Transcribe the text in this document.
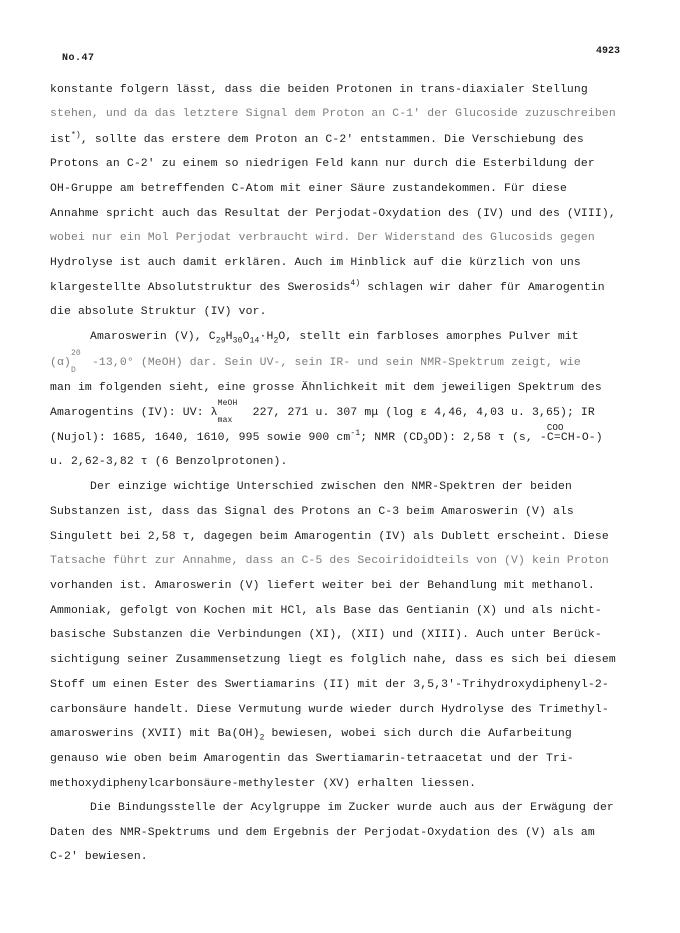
No.47
4923
konstante folgern lässt, dass die beiden Protonen in trans-diaxialer Stellung
stehen, und da das letztere Signal dem Proton an C-1' der Glucoside zuzuschreiben
ist*), sollte das erstere dem Proton an C-2' entstammen. Die Verschiebung des
Protons an C-2' zu einem so niedrigen Feld kann nur durch die Esterbildung der
OH-Gruppe am betreffenden C-Atom mit einer Säure zustandekommen. Für diese
Annahme spricht auch das Resultat der Perjodat-Oxydation des (IV) und des (VIII),
wobei nur ein Mol Perjodat verbraucht wird. Der Widerstand des Glucosids gegen
Hydrolyse ist auch damit erklären. Auch im Hinblick auf die kürzlich von uns
klargestellte Absolutstruktur des Swerosids$^{4)}$ schlagen wir daher für Amarogentin
die absolute Struktur (IV) vor.
Amaroswerin (V), $C_{29}H_{30}O_{14}\cdot H_2O$, stellt ein farbloses amorphes Pulver mit
(α)
20
D
-13,0° (MeOH) dar. Sein UV-, sein IR- und sein NMR-Spektrum zeigt, wie
man im folgenden sieht, eine grosse Ähnlichkeit mit dem jeweiligen Spektrum des
Amarogentins (IV): UV: λ
MeOH
max
227, 271 u. 307 mμ (log ε 4,46, 4,03 u. 3,65); IR
(Nujol): 1685, 1640, 1610, 995 sowie 900 $cm^{-1}$; NMR $(CD_3OD)$: 2,58 τ (s, -
COO
C=CH-O-)
u. 2,62-3,82 τ (6 Benzolprotonen).
Der einzige wichtige Unterschied zwischen den NMR-Spektren der beiden
Substanzen ist, dass das Signal des Protons an C-3 beim Amaroswerin (V) als
Singulett bei 2,58 τ, dagegen beim Amarogentin (IV) als Dublett erscheint. Diese
Tatsache führt zur Annahme, dass an C-5 des Secoiridoidteils von (V) kein Proton
vorhanden ist. Amaroswerin (V) liefert weiter bei der Behandlung mit methanol.
Ammoniak, gefolgt von Kochen mit HCl, als Base das Gentianin (X) und als nicht-
basische Substanzen die Verbindungen (XI), (XII) und (XIII). Auch unter Berück-
sichtigung seiner Zusammensetzung liegt es folglich nahe, dass es sich bei diesem
Stoff um einen Ester des Swertiamarins (II) mit der 3,5,3'-Trihydroxydiphenyl-2-
carbonsäure handelt. Diese Vermutung wurde wieder durch Hydrolyse des Trimethyl-
amaroswerins (XVII) mit $Ba(OH)_2$ bewiesen, wobei sich durch die Aufarbeitung
genauso wie oben beim Amarogentin das Swertiamarin-tetraacetat und der Tri-
methoxydiphenylcarbonsäure-methylester (XV) erhalten liessen.
Die Bindungsstelle der Acylgruppe im Zucker wurde auch aus der Erwägung der
Daten des NMR-Spektrums und dem Ergebnis der Perjodat-Oxydation des (V) als am
C-2' bewiesen.
